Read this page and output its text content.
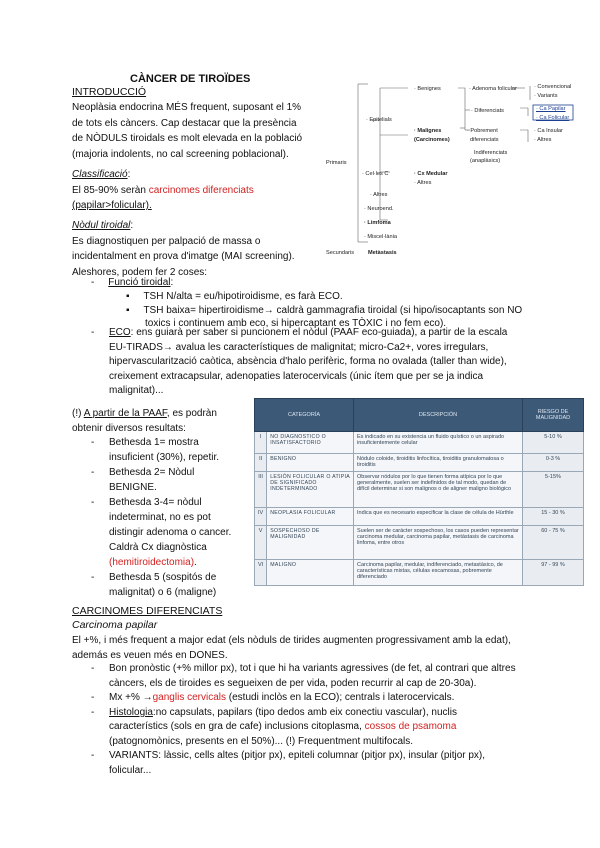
CÀNCER DE TIROÏDES
INTRODUCCIÓ
Neoplàsia endocrina MÉS frequent, suposant el 1%
de tots els càncers. Cap destacar que la presència
de NÒDULS tiroidals es molt elevada en la població
(majoria indolents, no cal screening poblacional).
Classificació:
El 85-90% seràn carcinomes diferenciats
(papilar>folicular).
Nòdul tiroidal:
Es diagnostiquen per palpació de massa o
incidentalment en prova d'imatge (MAI screening).
Aleshores, podem fer 2 coses:
-     Funció tiroidal:
▪     TSH N/alta = eu/hipotiroidisme, es farà ECO.
▪     TSH baixa= hipertiroidisme→ caldrà gammagrafia tiroidal (si hipo/isocaptants son NO
toxics i continuem amb eco, si hipercaptant es TÒXIC i no fem eco).
- ECO: ens guiarà per saber si puncionem el nòdul (PAAF eco-guiada), a partir de la escala
EU-TIRADS→ avalua les característiques de malignitat; micro-Ca2+, vores irregulars,
hipervascularització caòtica, absència d'halo perifèric, forma no ovalada (taller than wide),
creixement extracapsular, adenopaties laterocervicals (únic ítem que per se ja indica
malignitat)...
(!) A partir de la PAAF, es podràn
obtenir diversos resultats:
- Bethesda 1= mostra
insuficient (30%), repetir.
- Bethesda 2= Nòdul
BENIGNE.
- Bethesda 3-4= nòdul
indeterminat, no es pot
distingir adenoma o cancer.
Caldrà Cx diagnòstica
(hemitiroidectomia).
- Bethesda 5 (sospitós de
malignitat) o 6 (maligne)
CATEGORÍA		DESCRIPCIÓN	RIESGO DE MALIGNIDAD
I	NO DIAGNOSTICO O INSATISFACTORIO	Es indicado en su existencia un fluido quístico o un aspirado insuficientemente celular	5-10 %
II	BENIGNO	Nódulo coloide, tiroiditis linfocítica, tiroiditis granulomatosa o tiroiditis	0-3 %
III	LESIÓN FOLICULAR O ATIPIA DE SIGNIFICADO INDETERMINADO	Observar nódulos por lo que tienen forma atípica por lo que generalmente, suelen ser indefinidos de tal modo, quedan de difícil determinar si son malignos o de aligner maligno biológico	5-15%
IV	NEOPLASIA FOLICULAR	Indica que es necesario especificar la clase de célula de Hürthle	15 - 30 %
V	SOSPECHOSO DE MALIGNIDAD	Suelen ser de carácter sospechoso, los casos pueden representar carcinoma medular, carcinoma papilar, metástasis de carcinoma linfoma, entre otros	60 - 75 %
VI	MALIGNO	Carcinoma papilar, medular, indiferenciado, metastásico, de características mixtas, células escamosas, pobremente diferenciado	97 - 99 %
· Benignes	· Adenoma folicular	· Convencional
· Variants
· Epitelials
· Diferenciats	· Ca Papilar
· Ca Folicular
· Malignes
(Carcinomes)
· Pobrement
diferenciats
· Ca Insular
· Altres
Indiferenciats
(anaplàsics)
Primaris
· Cel·les C	· Cx Medular
· Altres
· Altres
· Neuroend.
· Limfoma
· Miscel·lània
Secundaris	Metàstasis
CARCINOMES DIFERENCIATS
Carcinoma papilar
El +%, i més frequent a major edat (els nòduls de tirides augmenten progressivament amb la edat),
además es veuen més en DONES.
- Bon pronòstic (+% millor px), tot i que hi ha variants agressives (de fet, al contrari que altres
càncers, els de tiroides es segueixen de per vida, poden recurrir al cap de 20-30a).
- Mx +% →ganglis cervicals (estudi inclòs en la ECO); centrals i laterocervicals.
- Histologia:no capsulats, papilars (tipo dedos amb eix conectiu vascular), nuclis
característics (sols en gra de cafe) inclusions citoplasma, cossos de psamoma
(patognomònics, presents en el 50%)... (!) Frequentment multifocals.
- VARIANTS: làssic, cells altes (pitjor px), epiteli columnar (pitjor px), insular (pitjor px),
folicular...
